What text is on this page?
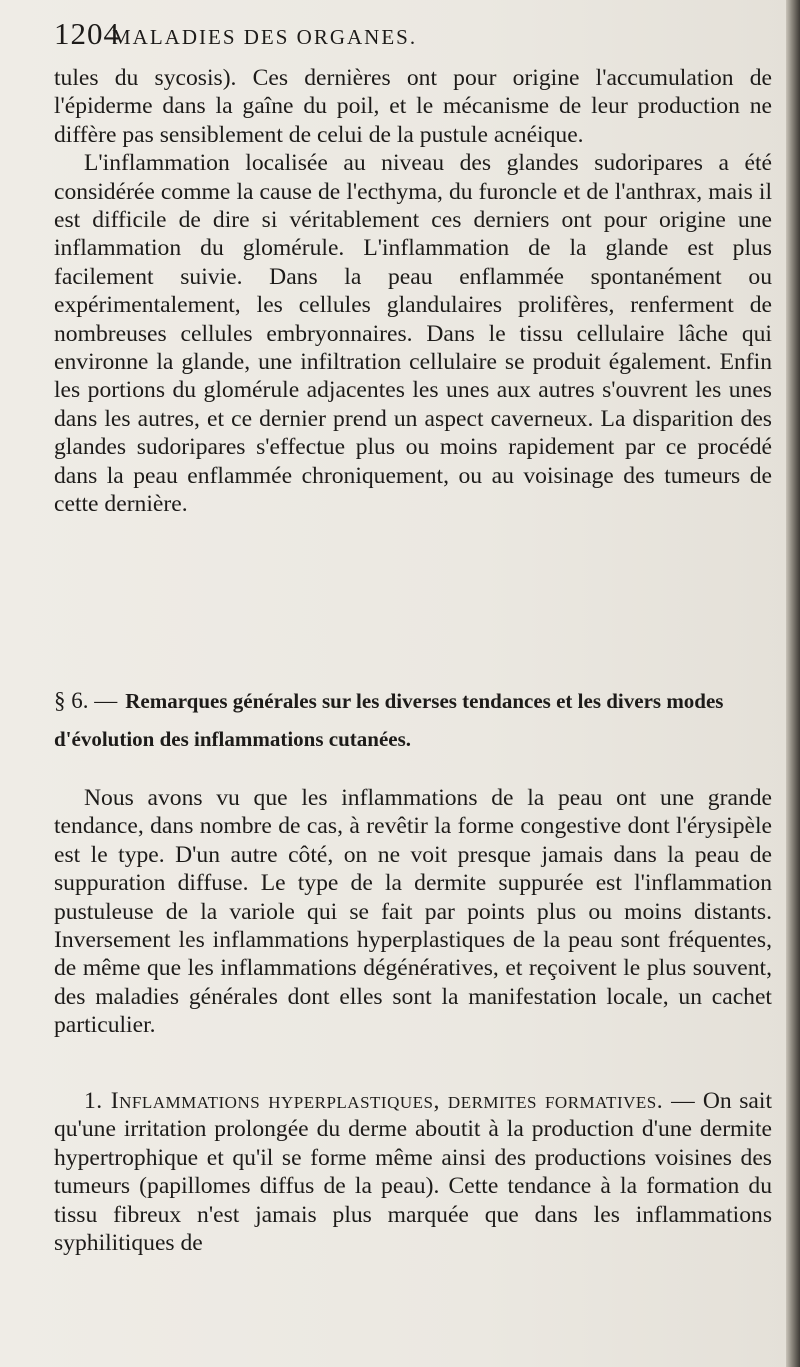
1204
MALADIES DES ORGANES.
tules du sycosis). Ces dernières ont pour origine l'accumulation de l'épiderme dans la gaîne du poil, et le mécanisme de leur production ne diffère pas sensiblement de celui de la pustule acnéique.
L'inflammation localisée au niveau des glandes sudoripares a été considérée comme la cause de l'ecthyma, du furoncle et de l'anthrax, mais il est difficile de dire si véritablement ces derniers ont pour origine une inflammation du glomérule. L'inflammation de la glande est plus facilement suivie. Dans la peau enflammée spontanément ou expérimentalement, les cellules glandulaires prolifères, renferment de nombreuses cellules embryonnaires. Dans le tissu cellulaire lâche qui environne la glande, une infiltration cellulaire se produit également. Enfin les portions du glomérule adjacentes les unes aux autres s'ouvrent les unes dans les autres, et ce dernier prend un aspect caverneux. La disparition des glandes sudoripares s'effectue plus ou moins rapidement par ce procédé dans la peau enflammée chroniquement, ou au voisinage des tumeurs de cette dernière.
§ 6. — Remarques générales sur les diverses tendances et les divers modes d'évolution des inflammations cutanées.
Nous avons vu que les inflammations de la peau ont une grande tendance, dans nombre de cas, à revêtir la forme congestive dont l'érysipèle est le type. D'un autre côté, on ne voit presque jamais dans la peau de suppuration diffuse. Le type de la dermite suppurée est l'inflammation pustuleuse de la variole qui se fait par points plus ou moins distants. Inversement les inflammations hyperplastiques de la peau sont fréquentes, de même que les inflammations dégénératives, et reçoivent le plus souvent, des maladies générales dont elles sont la manifestation locale, un cachet particulier.
1. Inflammations hyperplastiques, dermites formatives. — On sait qu'une irritation prolongée du derme aboutit à la production d'une dermite hypertrophique et qu'il se forme même ainsi des productions voisines des tumeurs (papillomes diffus de la peau). Cette tendance à la formation du tissu fibreux n'est jamais plus marquée que dans les inflammations syphilitiques de
